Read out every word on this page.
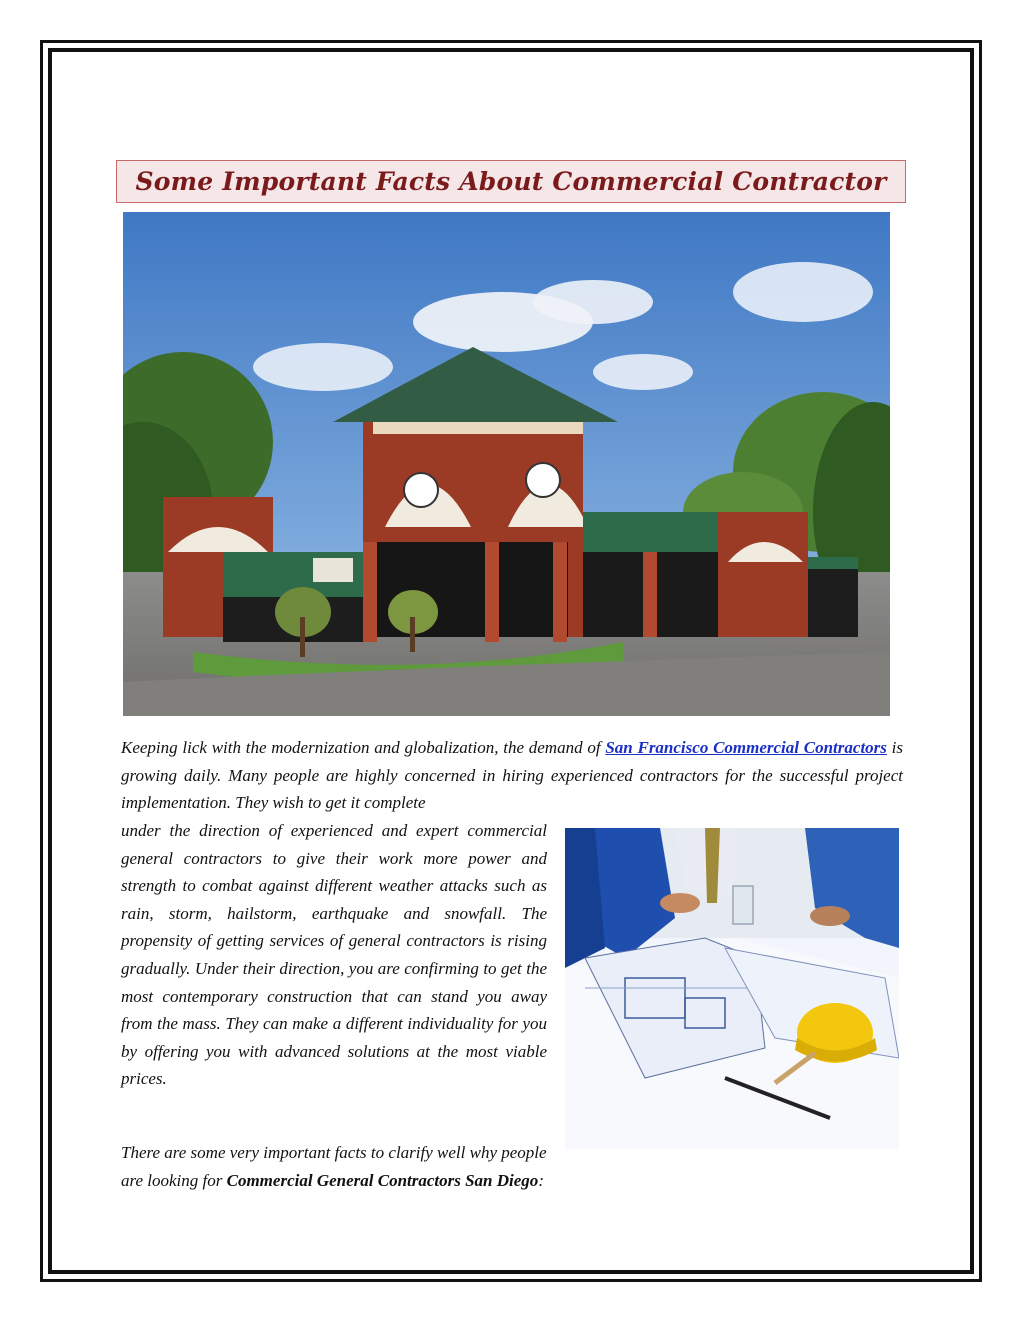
Some Important Facts About Commercial Contractor
Keeping lick with the modernization and globalization, the demand of San Francisco Commercial Contractors is growing daily. Many people are highly concerned in hiring experienced contractors for the successful project implementation. They wish to get it complete
under the direction of experienced and expert commercial general contractors to give their work more power and strength to combat against different weather attacks such as rain, storm, hailstorm, earthquake and snowfall. The propensity of getting services of general contractors is rising gradually. Under their direction, you are confirming to get the most contemporary construction that can stand you away from the mass. They can make a different individuality for you by offering you with advanced solutions at the most viable prices.
There are some very important facts to clarify well why people are looking for Commercial General Contractors San Diego:
